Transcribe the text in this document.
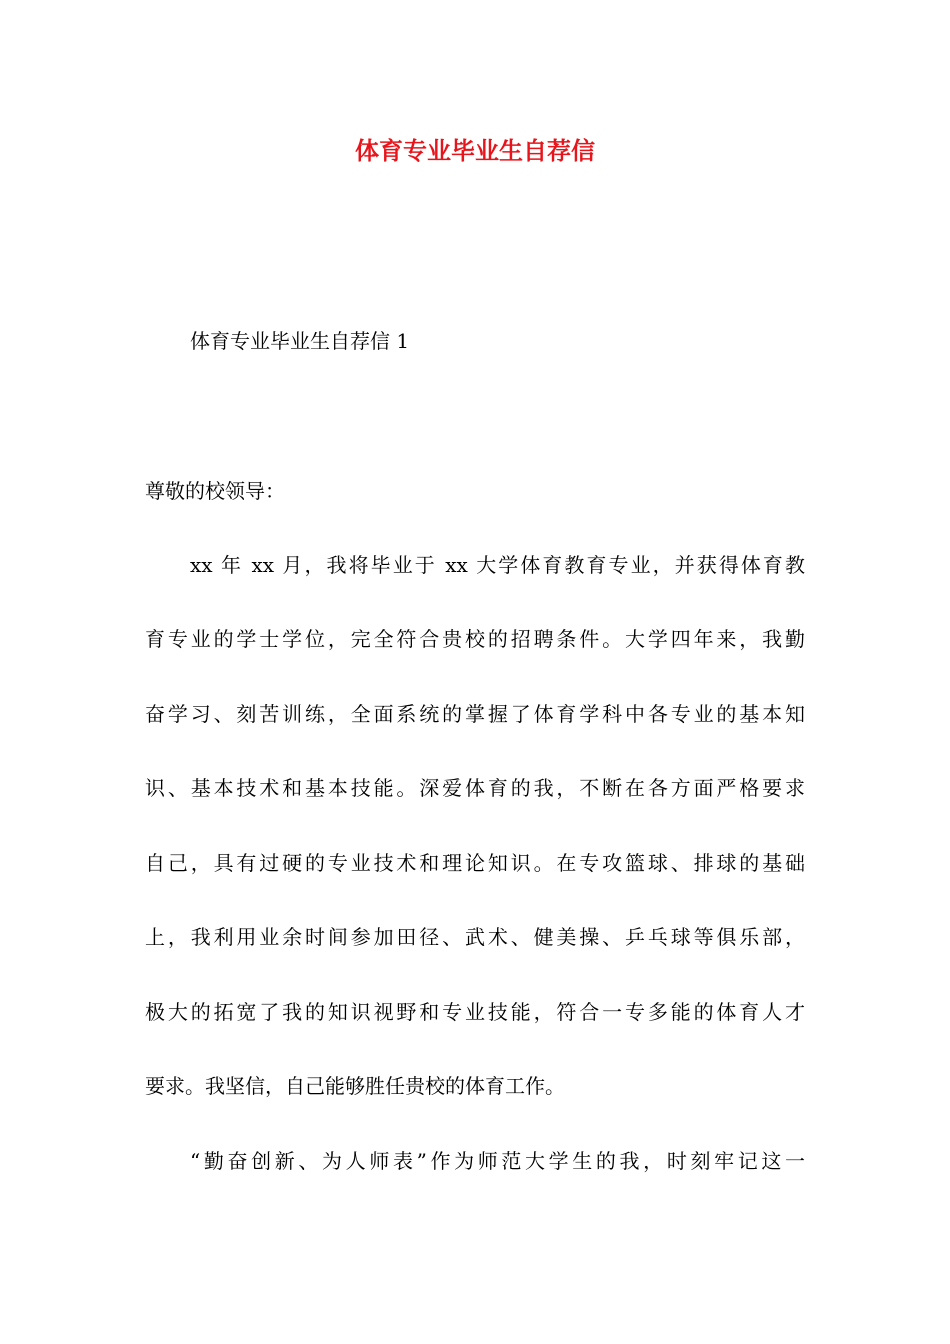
体育专业毕业生自荐信

体育专业毕业生自荐信 1

尊敬的校领导：

xx 年 xx 月，我将毕业于 xx 大学体育教育专业，并获得体育教

育专业的学士学位，完全符合贵校的招聘条件。大学四年来，我勤

奋学习、刻苦训练，全面系统的掌握了体育学科中各专业的基本知

识、基本技术和基本技能。深爱体育的我，不断在各方面严格要求

自己，具有过硬的专业技术和理论知识。在专攻篮球、排球的基础

上，我利用业余时间参加田径、武术、健美操、乒乓球等俱乐部，

极大的拓宽了我的知识视野和专业技能，符合一专多能的体育人才

要求。我坚信，自己能够胜任贵校的体育工作。

“勤奋创新、为人师表”作为师范大学生的我，时刻牢记这一
